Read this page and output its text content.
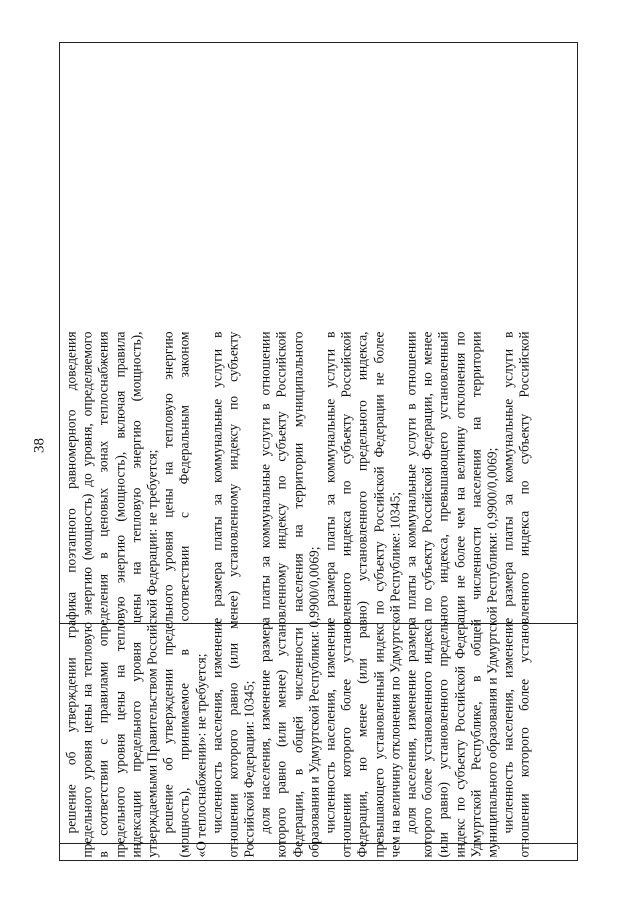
38 решение об утверждении графика поэтапного равномерного доведения предельного уровня цены на тепловую энергию (мощность) до уровня, определяемого в соответствии с правилами определения в ценовых зонах теплоснабжения предельного уровня цены на тепловую энергию (мощность), включая правила индексации предельного уровня цены на тепловую энергию (мощность), утверждаемыми Правительством Российской Федерации: не требуется; решение об утверждении предельного уровня цены на тепловую энергию (мощность), принимаемое в соответствии с Федеральным законом «О теплоснабжении»: не требуется; численность населения, изменение размера платы за коммунальные услуги в отношении которого равно (или менее) установленному индексу по субъекту Российской Федерации: 10345; доля населения, изменение размера платы за коммунальные услуги в отношении которого равно (или менее) установленному индексу по субъекту Российской Федерации, в общей численности населения на территории муниципального образования и Удмуртской Республики: 0,9900/0,0069; численность населения, изменение размера платы за коммунальные услуги в отношении которого более установленного индекса по субъекту Российской Федерации, но менее (или равно) установленного предельного индекса, превышающего установленный индекс по субъекту Российской Федерации не более чем на величину отклонения по Удмуртской Республике: 10345; доля населения, изменение размера платы за коммунальные услуги в отношении которого более установленного индекса по субъекту Российской Федерации, но менее (или равно) установленного предельного индекса, превышающего установленный индекс по субъекту Российской Федерации не более чем на величину отклонения по Удмуртской Республике, в общей численности населения на территории муниципального образования и Удмуртской Республики: 0,9900/0,0069; численность населения, изменение размера платы за коммунальные услуги в отношении которого более установленного индекса по субъекту Российской
